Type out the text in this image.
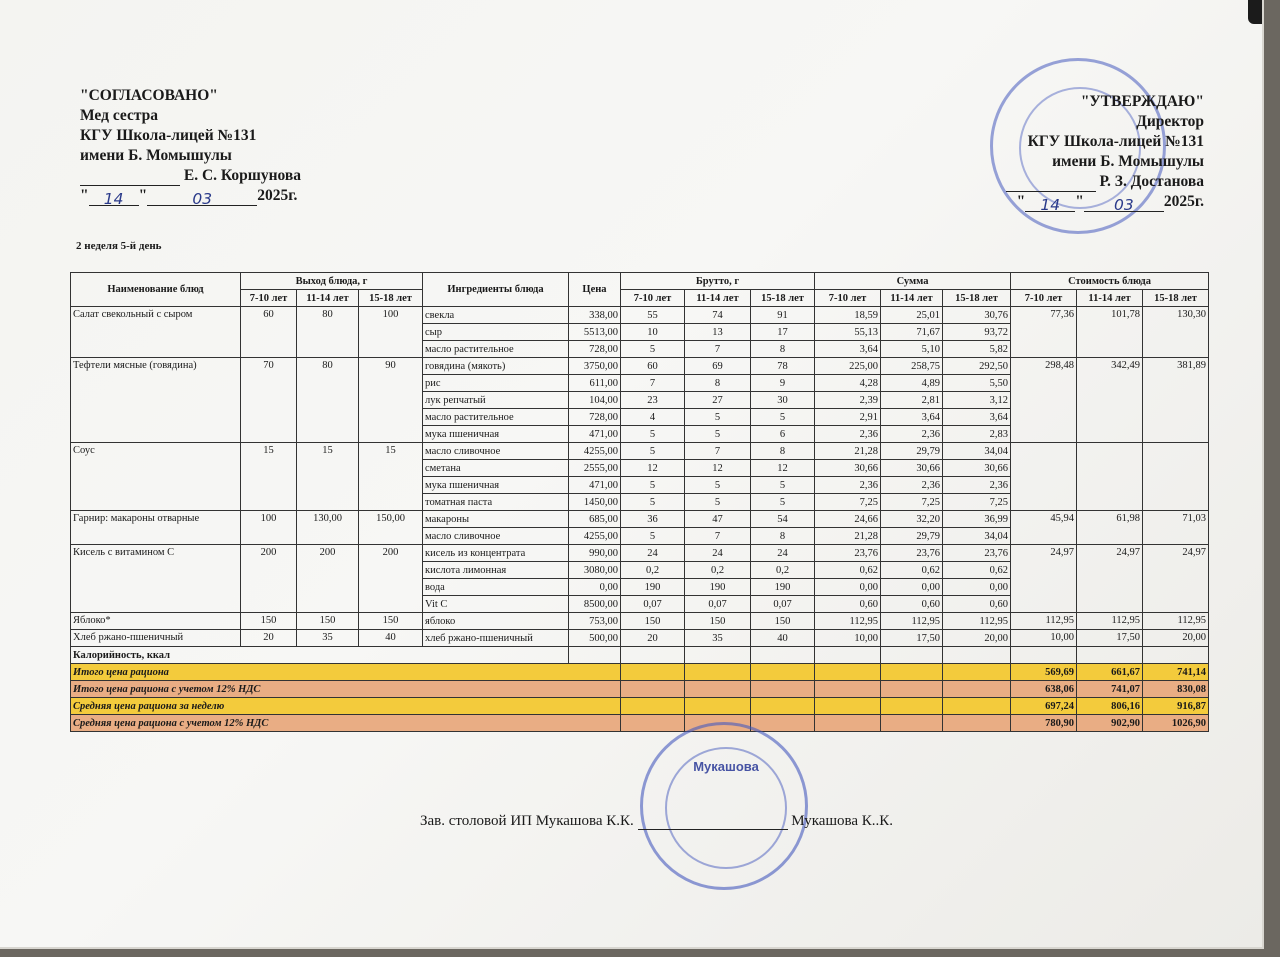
"СОГЛАСОВАНО"
Мед сестра
КГУ Школа-лицей №131
имени Б. Момышулы
Е. С. Коршунова
" 14 "	03	2025г.
"УТВЕРЖДАЮ"
Директор
КГУ Школа-лицей №131
имени Б. Момышулы
Р. З. Достанова
" 14 " 03 2025г.
2 неделя 5-й день
Наименование блюд	Выход блюда, г			Ингредиенты блюда	Цена	Брутто, г			Сумма			Стоимость блюда		
	7-10 лет	11-14 лет	15-18 лет			7-10 лет	11-14 лет	15-18 лет	7-10 лет	11-14 лет	15-18 лет	7-10 лет	11-14 лет	15-18 лет
Салат свекольный с сыром	60	80	100	свекла	338,00	55	74	91	18,59	25,01	30,76	77,36	101,78	130,30
				сыр	5513,00	10	13	17	55,13	71,67	93,72			
				масло растительное	728,00	5	7	8	3,64	5,10	5,82			
Тефтели мясные (говядина)	70	80	90	говядина (мякоть)	3750,00	60	69	78	225,00	258,75	292,50	298,48	342,49	381,89
				рис	611,00	7	8	9	4,28	4,89	5,50			
				лук репчатый	104,00	23	27	30	2,39	2,81	3,12			
				масло растительное	728,00	4	5	5	2,91	3,64	3,64			
				мука пшеничная	471,00	5	5	6	2,36	2,36	2,83			
Соус	15	15	15	масло сливочное	4255,00	5	7	8	21,28	29,79	34,04			
				сметана	2555,00	12	12	12	30,66	30,66	30,66			
				мука пшеничная	471,00	5	5	5	2,36	2,36	2,36			
				томатная паста	1450,00	5	5	5	7,25	7,25	7,25			
Гарнир: макароны отварные	100	130,00	150,00	макароны	685,00	36	47	54	24,66	32,20	36,99	45,94	61,98	71,03
				масло сливочное	4255,00	5	7	8	21,28	29,79	34,04			
Кисель с витамином С	200	200	200	кисель из концентрата	990,00	24	24	24	23,76	23,76	23,76	24,97	24,97	24,97
				кислота лимонная	3080,00	0,2	0,2	0,2	0,62	0,62	0,62			
				вода	0,00	190	190	190	0,00	0,00	0,00			
				Vit C	8500,00	0,07	0,07	0,07	0,60	0,60	0,60			
Яблоко*	150	150	150	яблоко	753,00	150	150	150	112,95	112,95	112,95	112,95	112,95	112,95
Хлеб ржано-пшеничный	20	35	40	хлеб ржано-пшеничный	500,00	20	35	40	10,00	17,50	20,00	10,00	17,50	20,00
Калорийность, ккал														
Итого цена рациона												569,69	661,67	741,14
Итого цена рациона с учетом 12% НДС												638,06	741,07	830,08
Средняя цена рациона за неделю												697,24	806,16	916,87
Средняя цена рациона с учетом 12% НДС												780,90	902,90	1026,90
Мукашова
Зав. столовой ИП Мукашова К.К.	Мукашова К..К.
